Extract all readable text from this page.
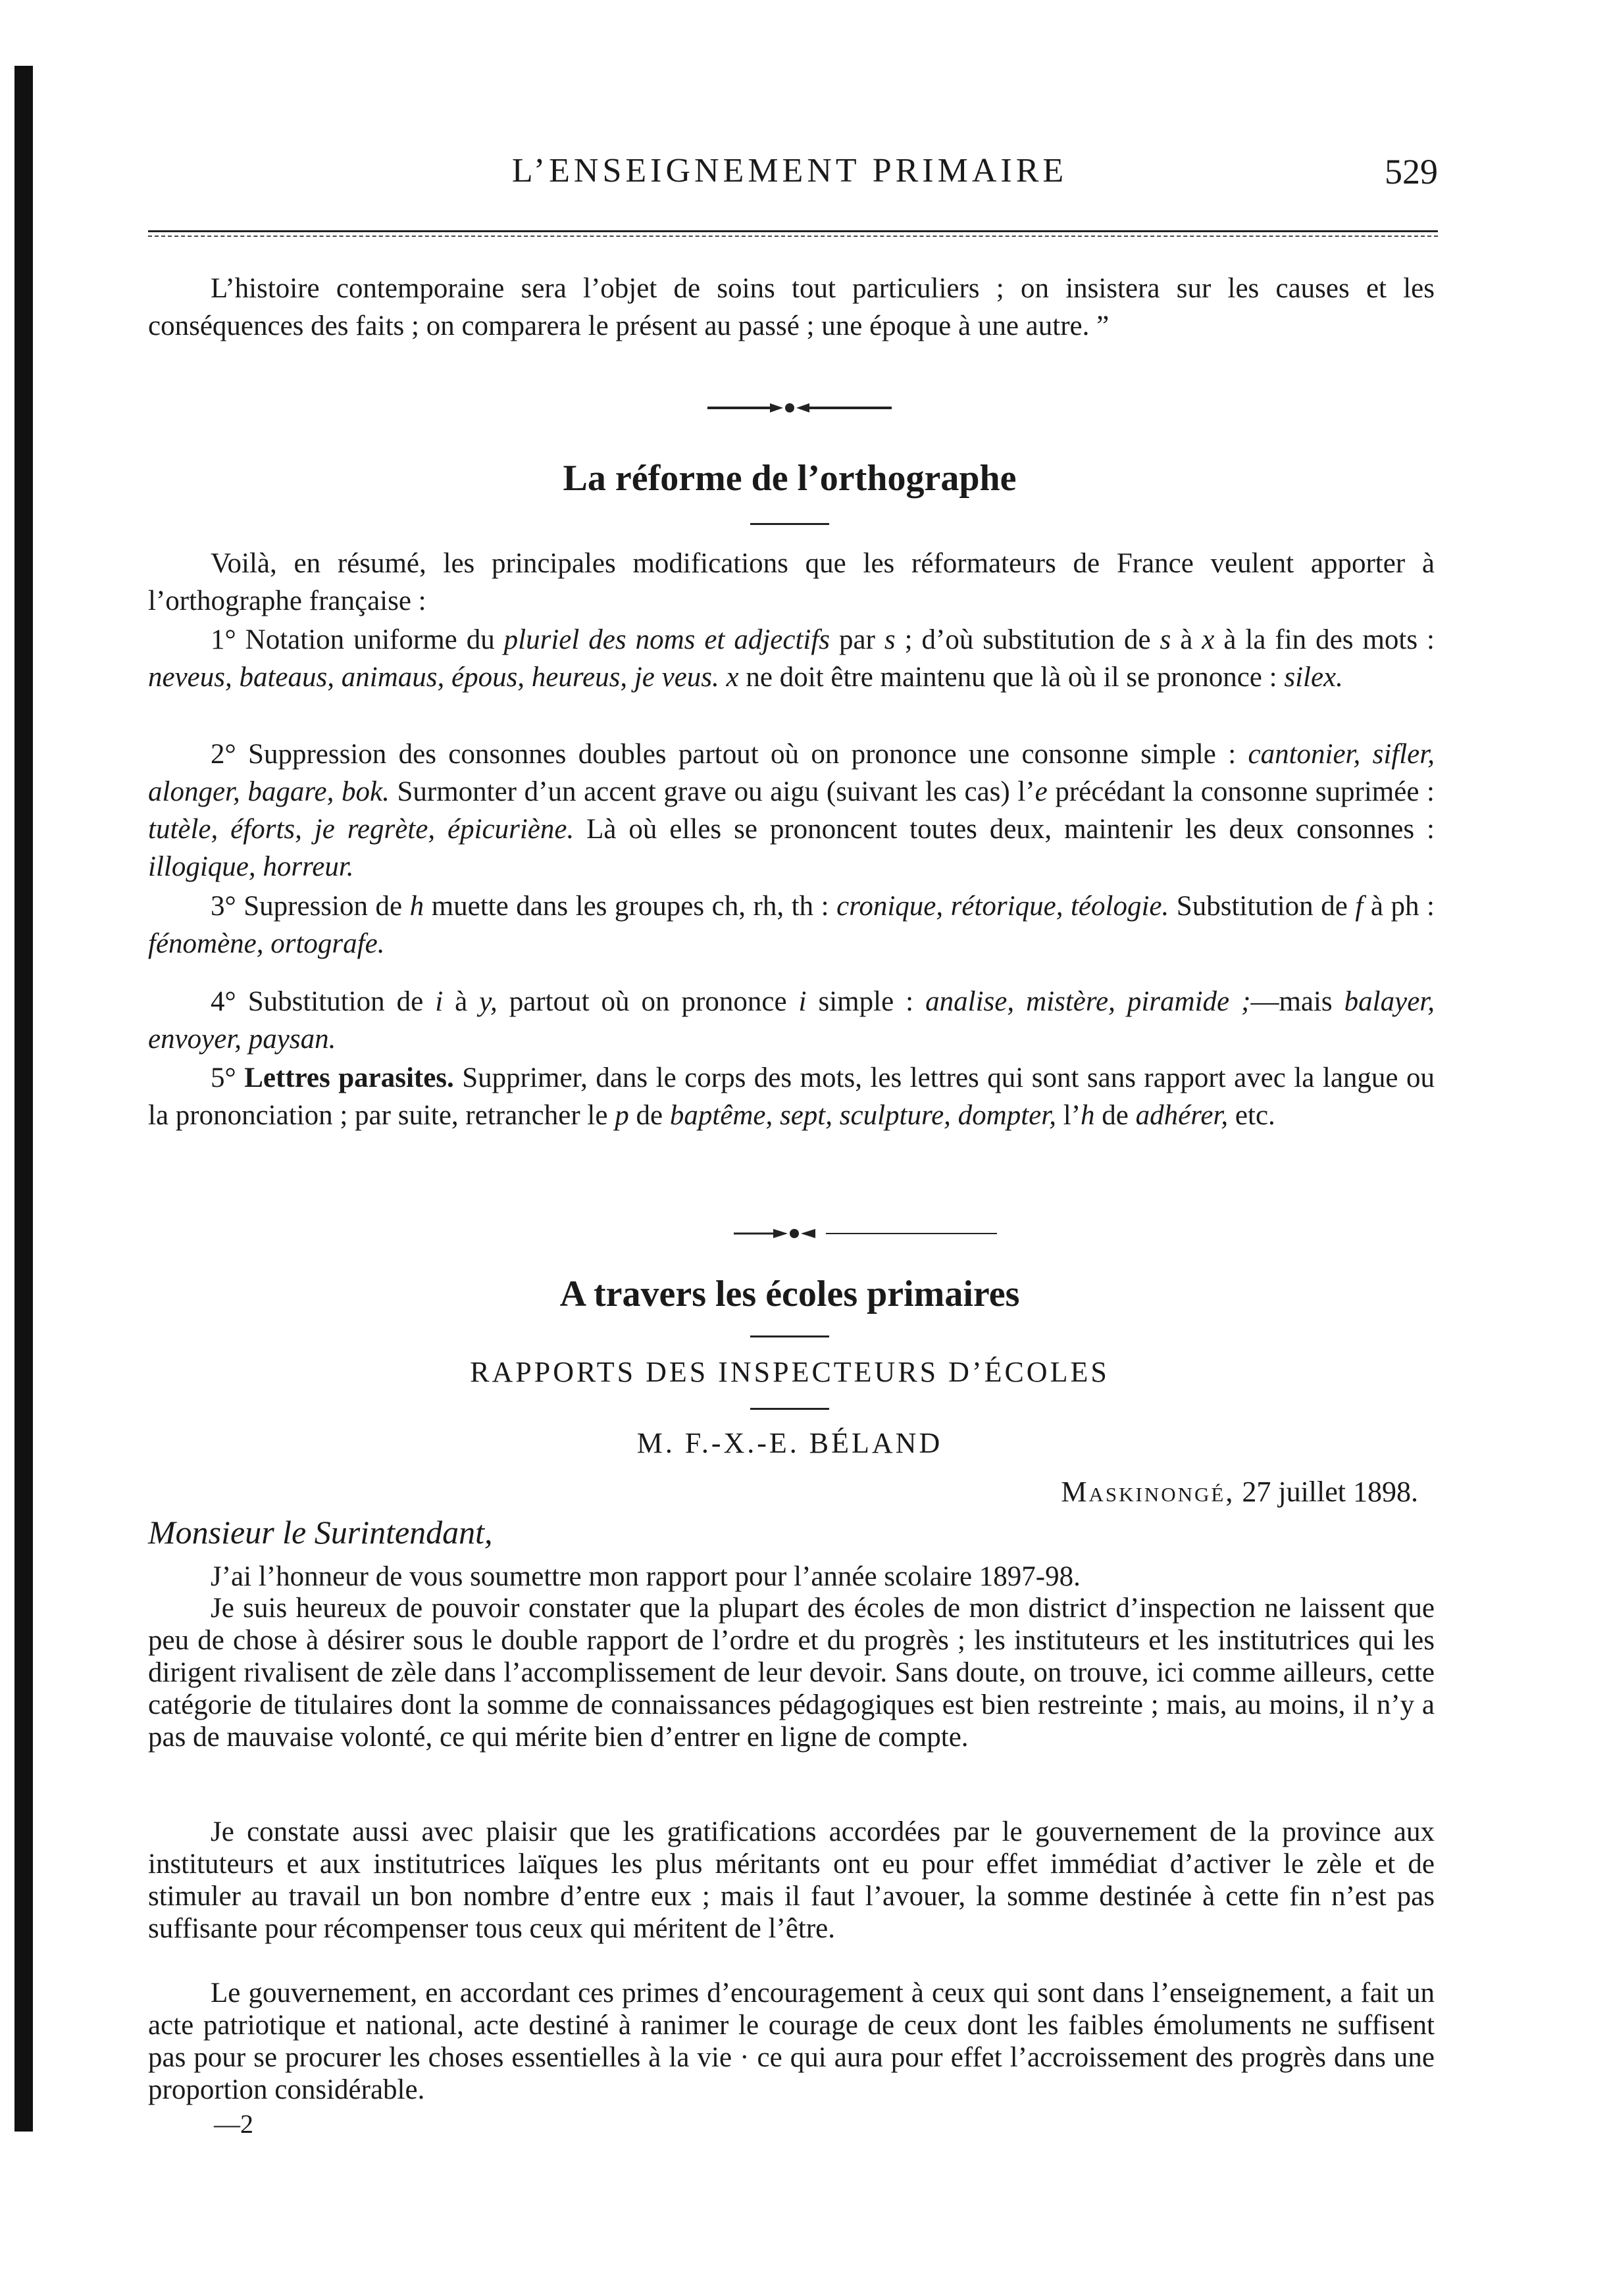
L’ENSEIGNEMENT PRIMAIRE	529
L’histoire contemporaine sera l’objet de soins tout particuliers ; on insistera sur les causes et les conséquences des faits ; on comparera le présent au passé ; une époque à une autre. ”
La réforme de l’orthographe
Voilà, en résumé, les principales modifications que les réformateurs de France veulent apporter à l’orthographe française :
1° Notation uniforme du pluriel des noms et adjectifs par s ; d’où substitution de s à x à la fin des mots : neveus, bateaus, animaus, épous, heureus, je veus. x ne doit être maintenu que là où il se prononce : silex.
2° Suppression des consonnes doubles partout où on prononce une consonne simple : cantonier, sifler, alonger, bagare, bok. Surmonter d’un accent grave ou aigu (suivant les cas) l’e précédant la consonne suprimée : tutèle, éforts, je regrète, épicuriène. Là où elles se prononcent toutes deux, maintenir les deux consonnes : illogique, horreur.
3° Supression de h muette dans les groupes ch, rh, th : cronique, rétorique, téologie. Substitution de f à ph : fénomène, ortografe.
4° Substitution de i à y, partout où on prononce i simple : analise, mistère, piramide ;—mais balayer, envoyer, paysan.
5° Lettres parasites. Supprimer, dans le corps des mots, les lettres qui sont sans rapport avec la langue ou la prononciation ; par suite, retrancher le p de baptême, sept, sculpture, dompter, l’h de adhérer, etc.
A travers les écoles primaires
RAPPORTS DES INSPECTEURS D’ÉCOLES
M. F.-X.-E. BÉLAND
Maskinongé, 27 juillet 1898.
Monsieur le Surintendant,
J’ai l’honneur de vous soumettre mon rapport pour l’année scolaire 1897-98.
Je suis heureux de pouvoir constater que la plupart des écoles de mon district d’inspection ne laissent que peu de chose à désirer sous le double rapport de l’ordre et du progrès ; les instituteurs et les institutrices qui les dirigent rivalisent de zèle dans l’accomplissement de leur devoir. Sans doute, on trouve, ici comme ailleurs, cette catégorie de titulaires dont la somme de connaissances pédagogiques est bien restreinte ; mais, au moins, il n’y a pas de mauvaise volonté, ce qui mérite bien d’entrer en ligne de compte.
Je constate aussi avec plaisir que les gratifications accordées par le gouvernement de la province aux instituteurs et aux institutrices laïques les plus méritants ont eu pour effet immédiat d’activer le zèle et de stimuler au travail un bon nombre d’entre eux ; mais il faut l’avouer, la somme destinée à cette fin n’est pas suffisante pour récompenser tous ceux qui méritent de l’être.
Le gouvernement, en accordant ces primes d’encouragement à ceux qui sont dans l’enseignement, a fait un acte patriotique et national, acte destiné à ranimer le courage de ceux dont les faibles émoluments ne suffisent pas pour se procurer les choses essentielles à la vie · ce qui aura pour effet l’accroissement des progrès dans une proportion considérable.
—2
